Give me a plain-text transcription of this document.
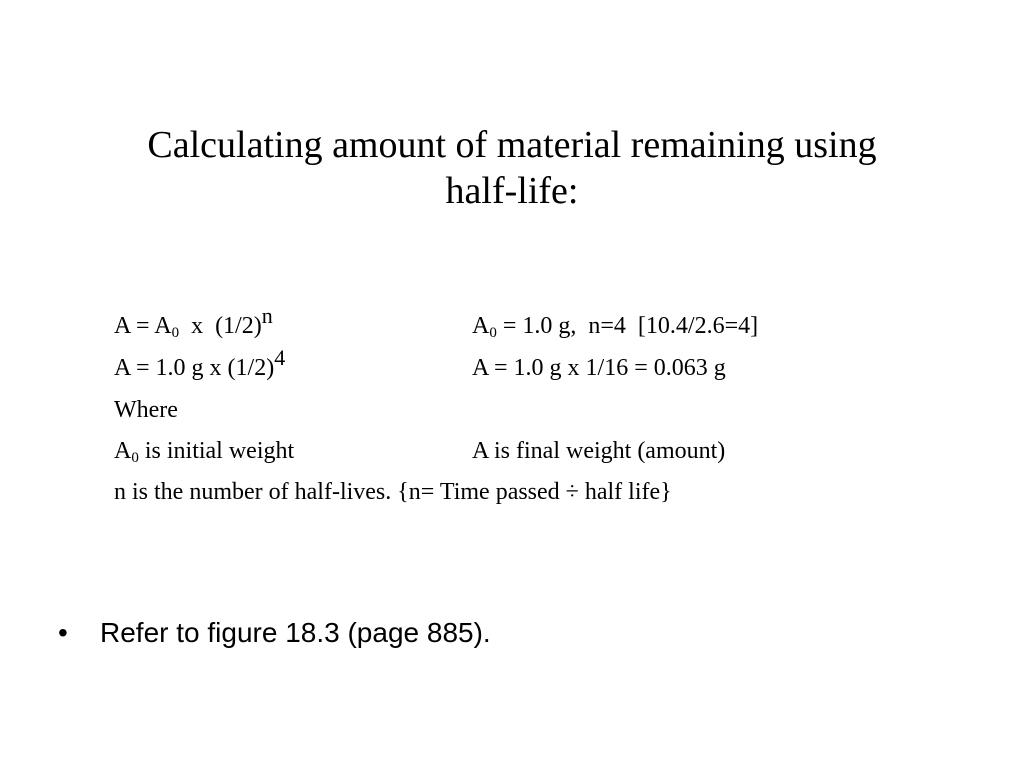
Calculating amount of material remaining using
half-life:
$A = A_0$  x  $(1/2)^n$	$A_0 = 1.0$ g,  n=4  [10.4/2.6=4]
A = 1.0 g x $(1/2)^4$	A = 1.0 g x 1/16 = 0.063 g
Where
$A_0$ is initial weight	A is final weight (amount)
n is the number of half-lives. {n= Time passed ÷ half life}

• Refer to figure 18.3 (page 885).
